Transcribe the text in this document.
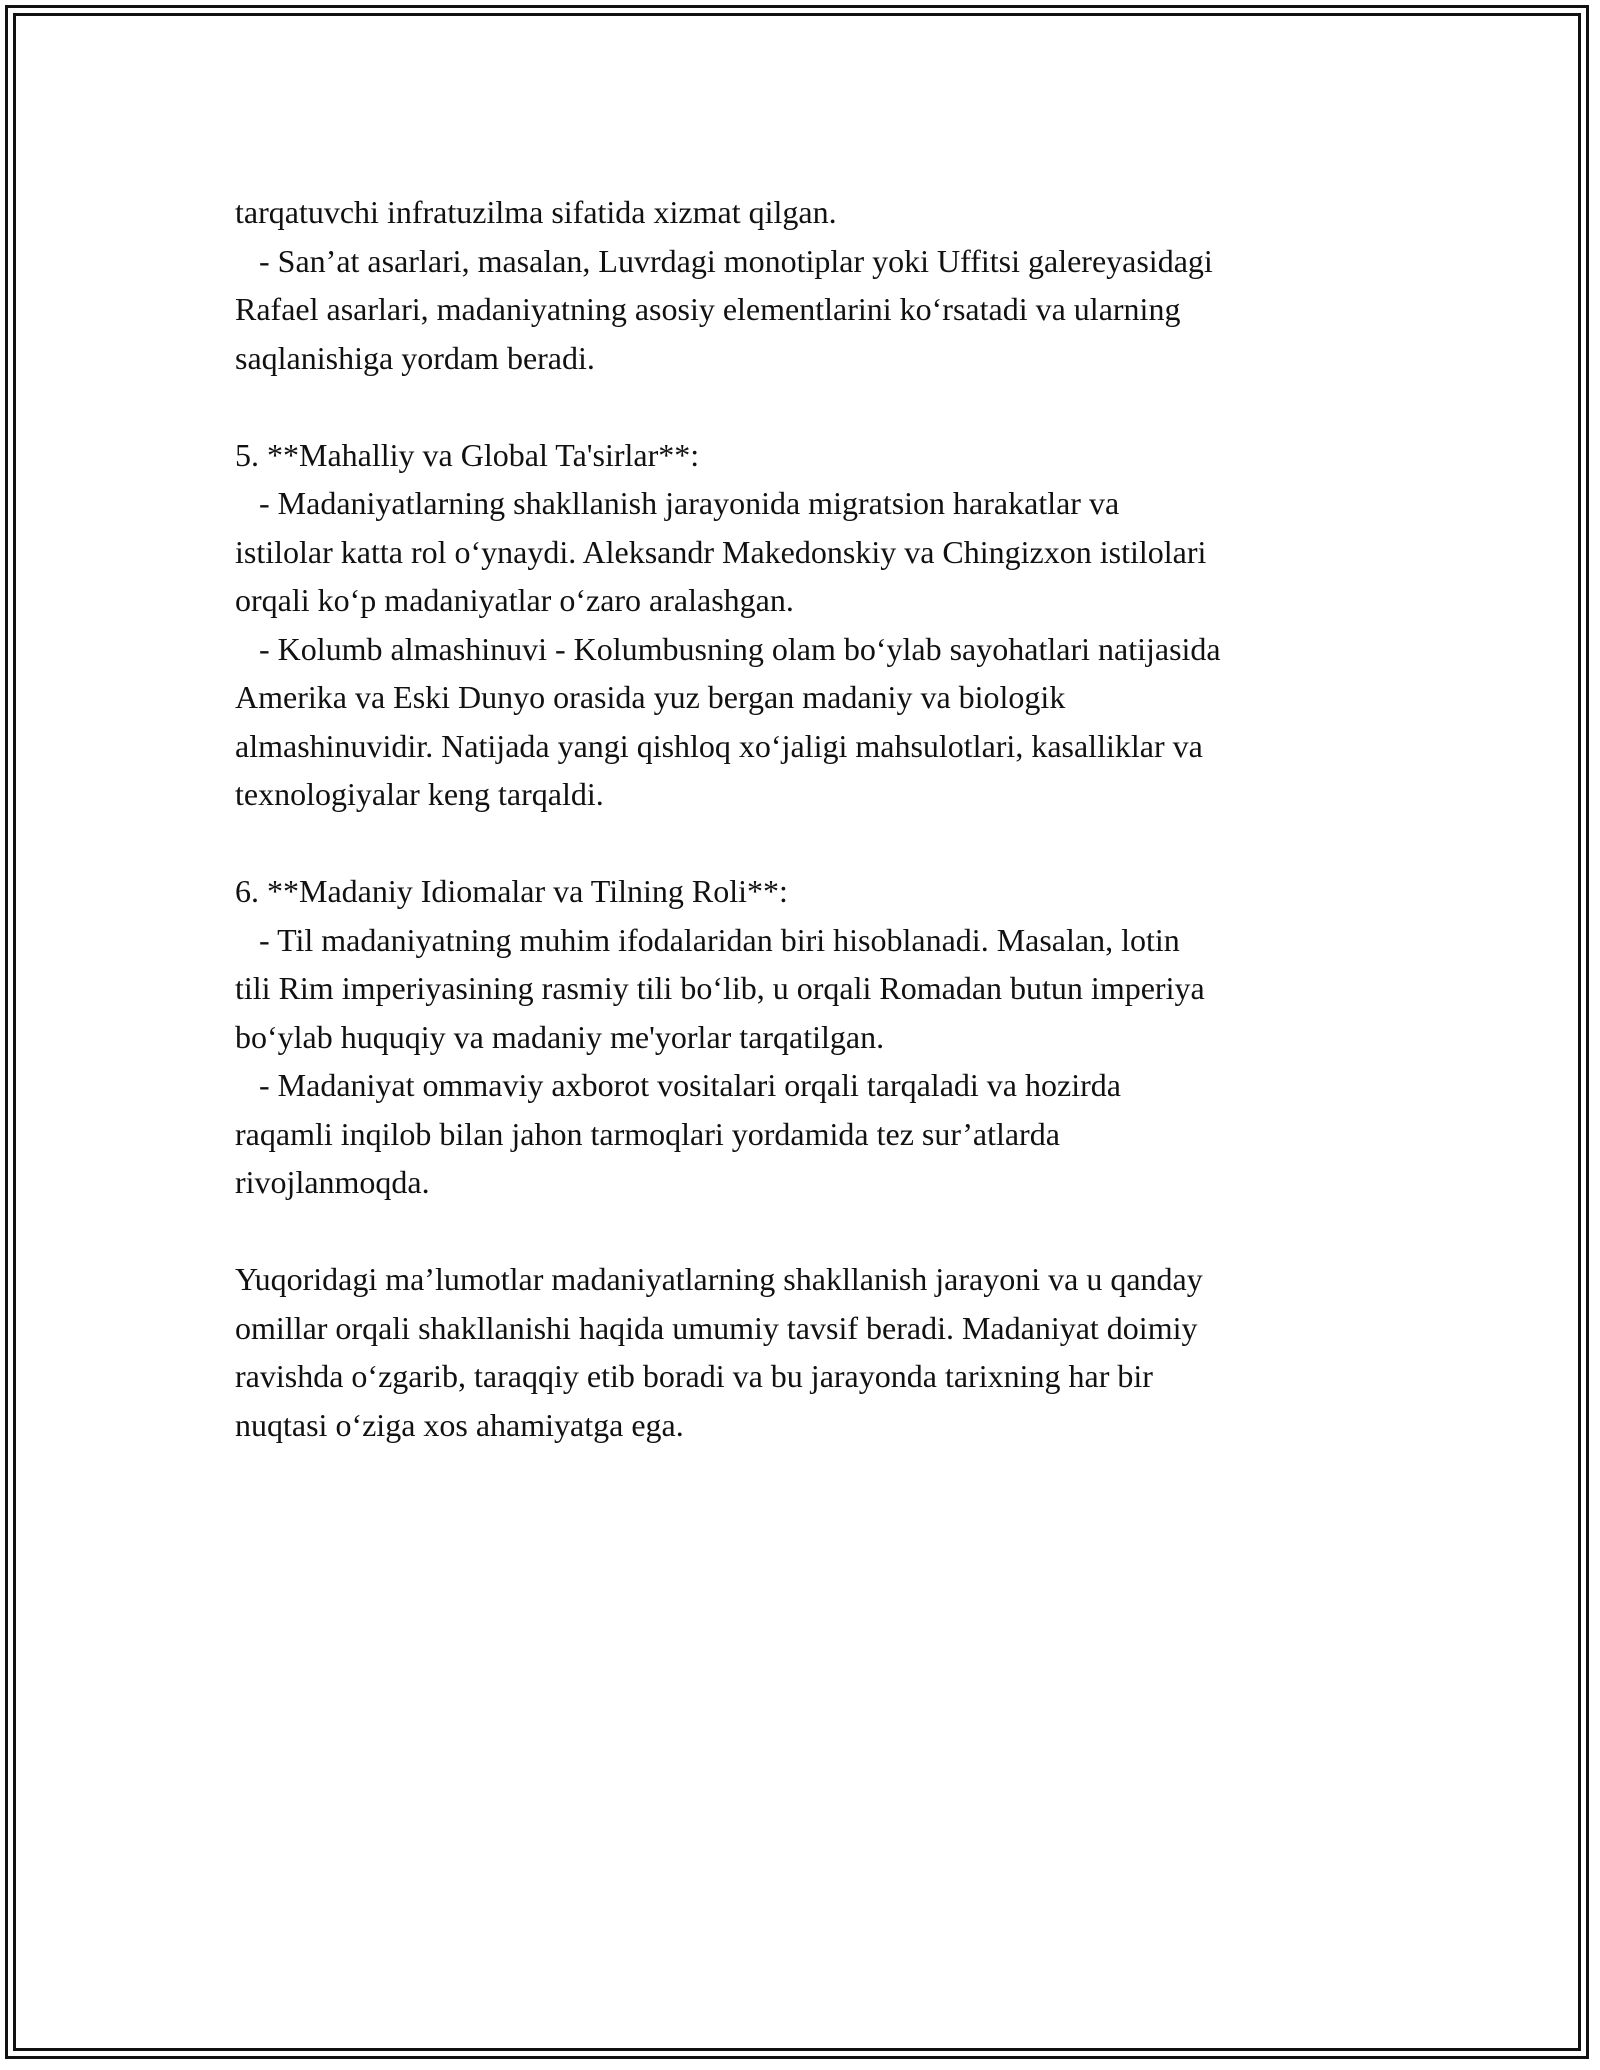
tarqatuvchi infratuzilma sifatida xizmat qilgan.
- San’at asarlari, masalan, Luvrdagi monotiplar yoki Uffitsi galereyasidagi
Rafael asarlari, madaniyatning asosiy elementlarini ko‘rsatadi va ularning
saqlanishiga yordam beradi.
5. **Mahalliy va Global Ta'sirlar**:
- Madaniyatlarning shakllanish jarayonida migratsion harakatlar va
istilolar katta rol o‘ynaydi. Aleksandr Makedonskiy va Chingizxon istilolari
orqali ko‘p madaniyatlar o‘zaro aralashgan.
- Kolumb almashinuvi - Kolumbusning olam bo‘ylab sayohatlari natijasida
Amerika va Eski Dunyo orasida yuz bergan madaniy va biologik
almashinuvidir. Natijada yangi qishloq xo‘jaligi mahsulotlari, kasalliklar va
texnologiyalar keng tarqaldi.
6. **Madaniy Idiomalar va Tilning Roli**:
- Til madaniyatning muhim ifodalaridan biri hisoblanadi. Masalan, lotin
tili Rim imperiyasining rasmiy tili bo‘lib, u orqali Romadan butun imperiya
bo‘ylab huquqiy va madaniy me'yorlar tarqatilgan.
- Madaniyat ommaviy axborot vositalari orqali tarqaladi va hozirda
raqamli inqilob bilan jahon tarmoqlari yordamida tez sur’atlarda
rivojlanmoqda.
Yuqoridagi ma’lumotlar madaniyatlarning shakllanish jarayoni va u qanday
omillar orqali shakllanishi haqida umumiy tavsif beradi. Madaniyat doimiy
ravishda o‘zgarib, taraqqiy etib boradi va bu jarayonda tarixning har bir
nuqtasi o‘ziga xos ahamiyatga ega.
